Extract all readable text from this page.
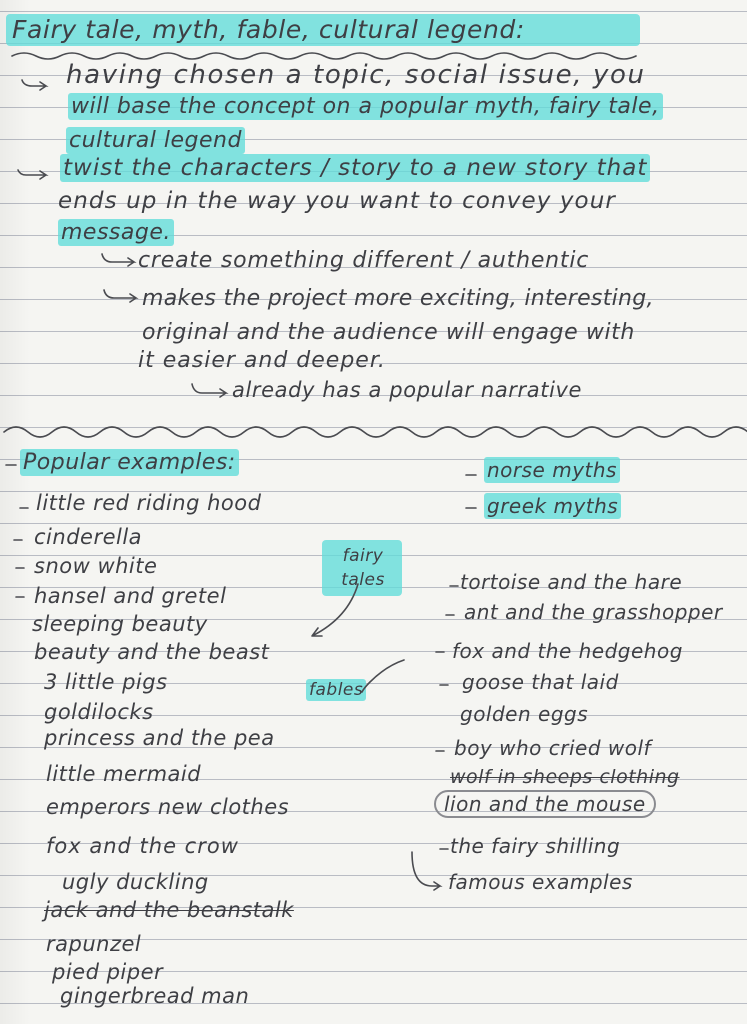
Fairy tale, myth, fable, cultural legend:
having chosen a topic, social issue, you
will base the concept on a popular myth, fairy tale,
cultural legend
twist the characters / story to a new story that
ends up in the way you want to convey your
message.
create something different / authentic
makes the project more exciting, interesting,
original and the audience will engage with
it easier and deeper.
already has a popular narrative
Popular examples:	norse myths
greek myths
fairy tales
fables
little red riding hood
cinderella
snow white
hansel and gretel
sleeping beauty
beauty and the beast
3 little pigs
goldilocks
princess and the pea
little mermaid
emperors new clothes
fox and the crow
ugly duckling
jack and the beanstalk
rapunzel
pied piper
gingerbread man
tortoise and the hare
ant and the grasshopper
fox and the hedgehog
goose that laid
golden eggs
boy who cried wolf
wolf in sheeps clothing
lion and the mouse
the fairy shilling
famous examples
